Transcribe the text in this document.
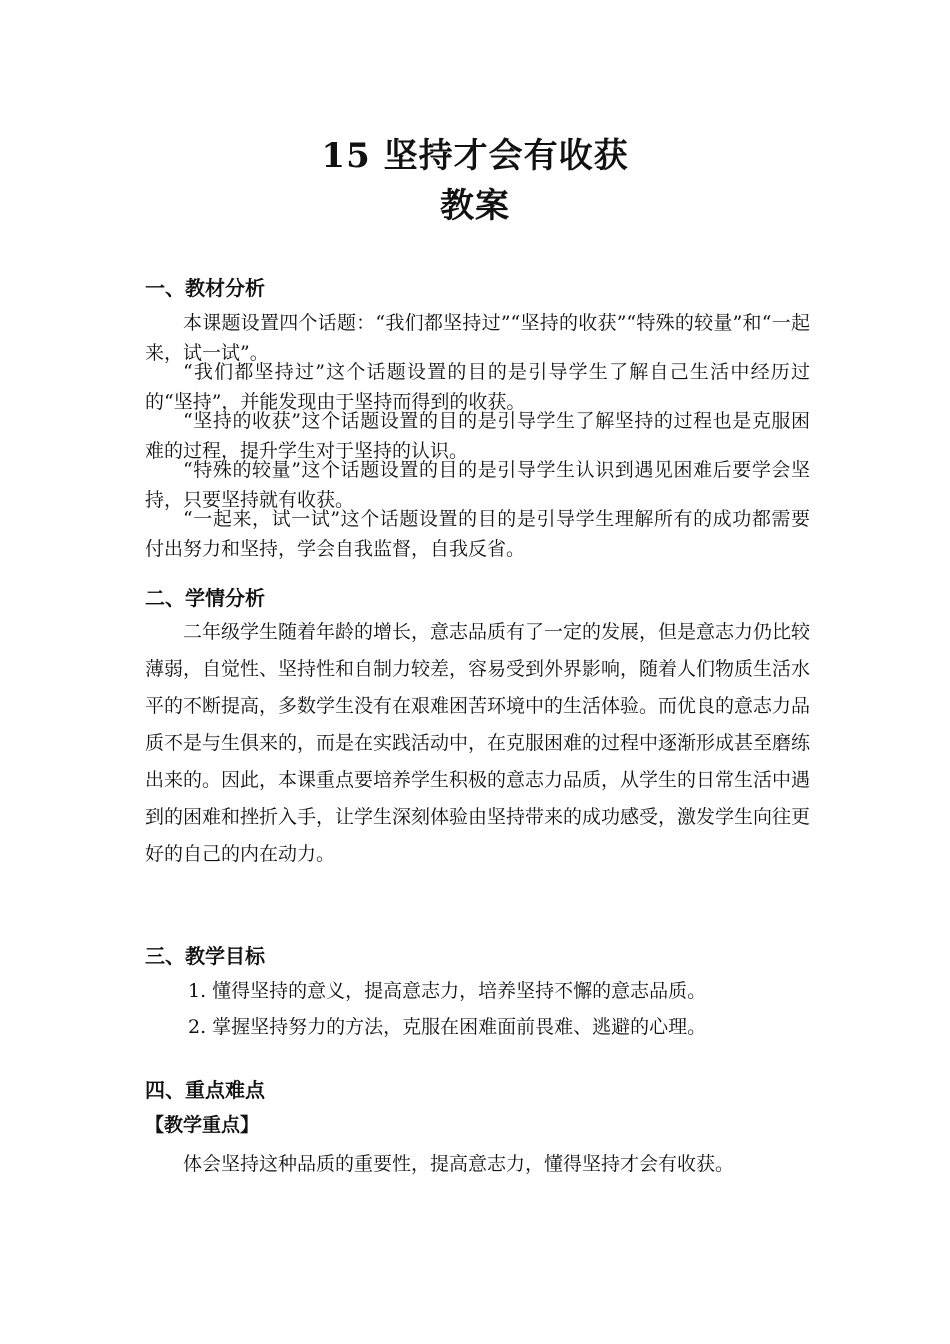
15 坚持才会有收获
教案
一、教材分析

本课题设置四个话题：“我们都坚持过”“坚持的收获”“特殊的较量”和“一起来，试一试”。

“我们都坚持过”这个话题设置的目的是引导学生了解自己生活中经历过的“坚持”，并能发现由于坚持而得到的收获。

“坚持的收获”这个话题设置的目的是引导学生了解坚持的过程也是克服困难的过程，提升学生对于坚持的认识。

“特殊的较量”这个话题设置的目的是引导学生认识到遇见困难后要学会坚持，只要坚持就有收获。

“一起来，试一试”这个话题设置的目的是引导学生理解所有的成功都需要付出努力和坚持，学会自我监督，自我反省。

二、学情分析

二年级学生随着年龄的增长，意志品质有了一定的发展，但是意志力仍比较薄弱，自觉性、坚持性和自制力较差，容易受到外界影响，随着人们物质生活水平的不断提高，多数学生没有在艰难困苦环境中的生活体验。而优良的意志力品质不是与生俱来的，而是在实践活动中，在克服困难的过程中逐渐形成甚至磨练出来的。因此，本课重点要培养学生积极的意志力品质，从学生的日常生活中遇到的困难和挫折入手，让学生深刻体验由坚持带来的成功感受，激发学生向往更好的自己的内在动力。

三、教学目标

1. 懂得坚持的意义，提高意志力，培养坚持不懈的意志品质。

2. 掌握坚持努力的方法，克服在困难面前畏难、逃避的心理。

四、重点难点
【教学重点】

体会坚持这种品质的重要性，提高意志力，懂得坚持才会有收获。
